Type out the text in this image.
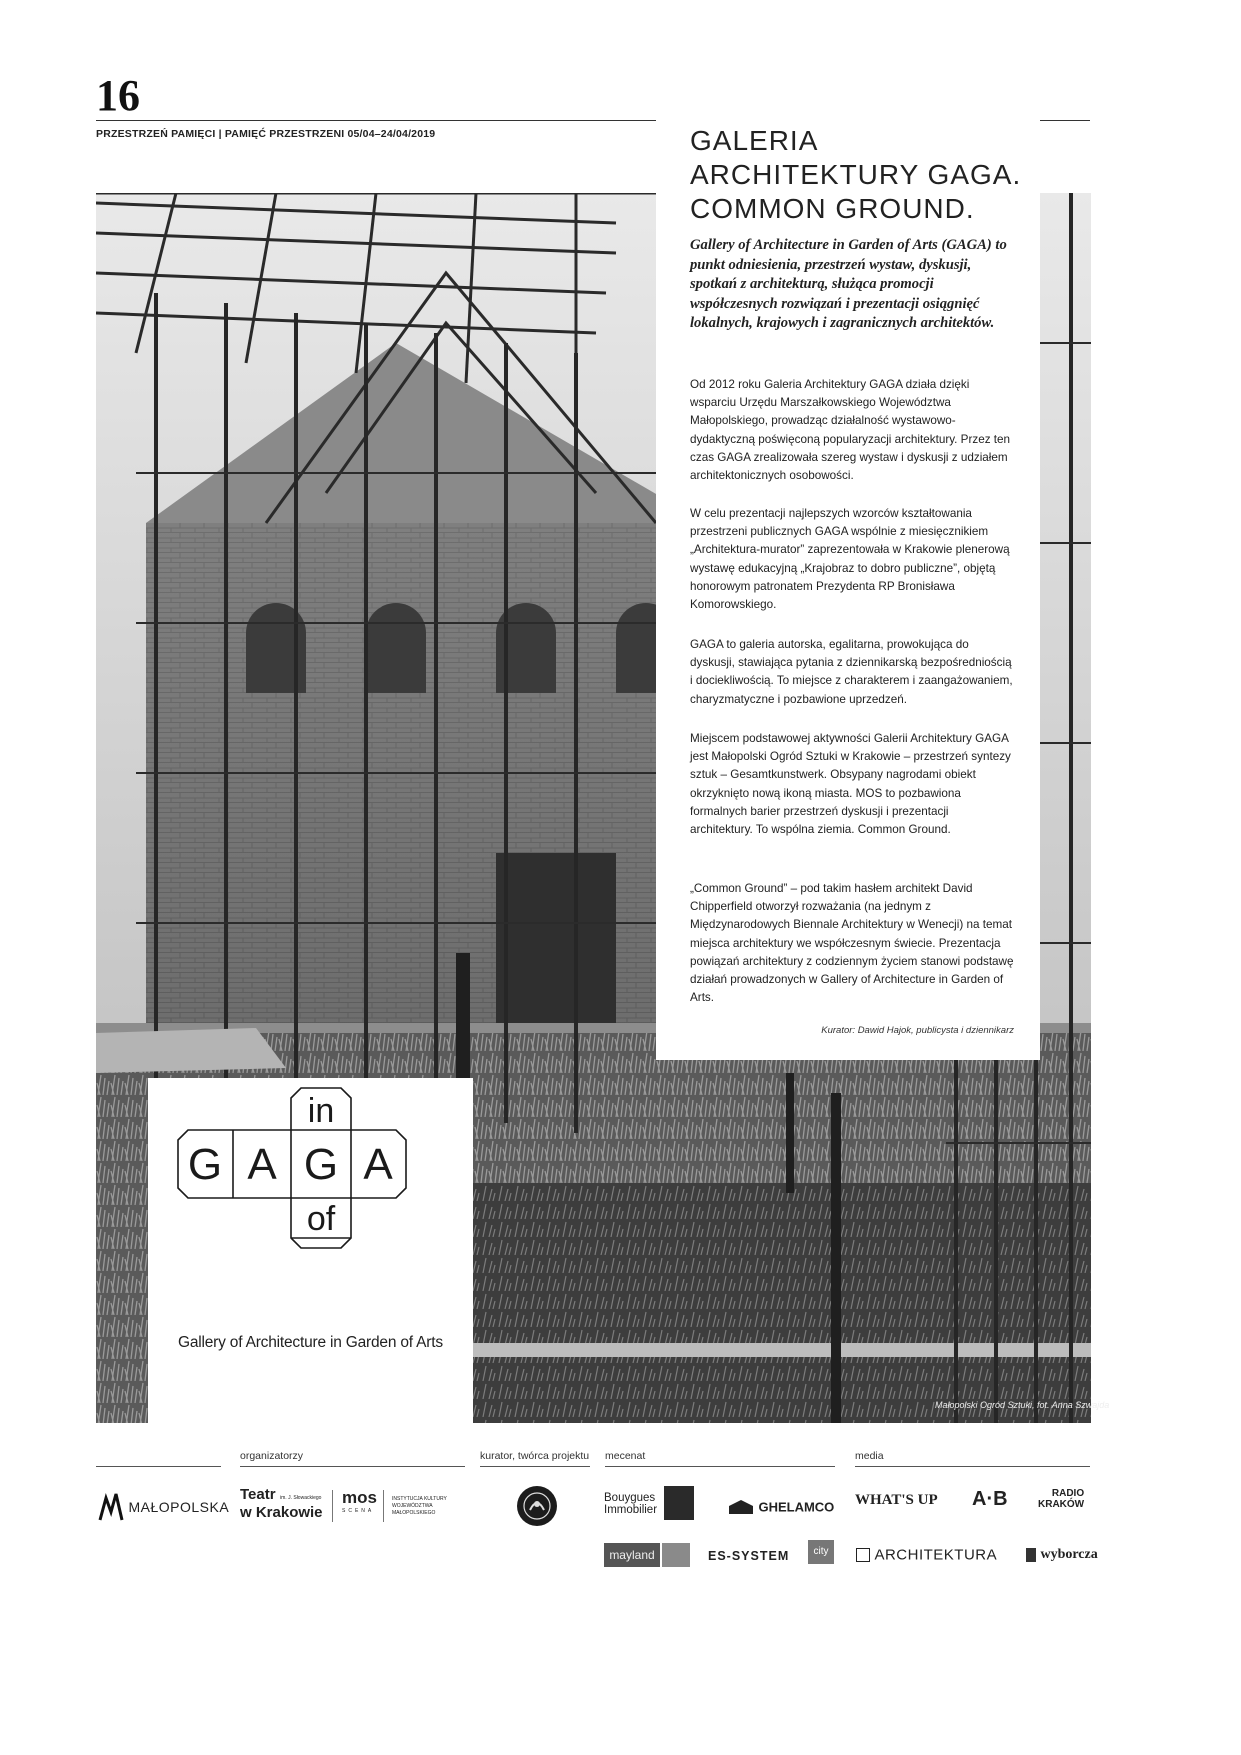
16
PRZESTRZEŃ PAMIĘCI | PAMIĘĆ PRZESTRZENI 05/04–24/04/2019
Małopolski Ogród Sztuki, fot. Anna Szwajda
GALERIA ARCHITEKTURY GAGA. COMMON GROUND.
Gallery of Architecture in Garden of Arts (GAGA) to punkt odniesienia, przestrzeń wystaw, dyskusji, spotkań z architekturą, służąca promocji współczesnych rozwiązań i prezentacji osiągnięć lokalnych, krajowych i zagranicznych architektów.
Od 2012 roku Galeria Architektury GAGA działa dzięki wsparciu Urzędu Marszałkowskiego Województwa Małopolskiego, prowadząc działalność wystawowo-dydaktyczną poświęconą popularyzacji architektury. Przez ten czas GAGA zrealizowała szereg wystaw i dyskusji z udziałem architektonicznych osobowości.
W celu prezentacji najlepszych wzorców kształtowania przestrzeni publicznych GAGA wspólnie z miesięcznikiem „Architektura-murator” zaprezentowała w Krakowie plenerową wystawę edukacyjną „Krajobraz to dobro publiczne”, objętą honorowym patronatem Prezydenta RP Bronisława Komorowskiego.
GAGA to galeria autorska, egalitarna, prowokująca do dyskusji, stawiająca pytania z dziennikarską bezpośredniością i dociekliwością. To miejsce z charakterem i zaangażowaniem, charyzmatyczne i pozbawione uprzedzeń.
Miejscem podstawowej aktywności Galerii Architektury GAGA jest Małopolski Ogród Sztuki w Krakowie – przestrzeń syntezy sztuk – Gesamtkunstwerk. Obsypany nagrodami obiekt okrzyknięto nową ikoną miasta. MOS to pozbawiona formalnych barier przestrzeń dyskusji i prezentacji architektury. To wspólna ziemia. Common Ground.
„Common Ground” – pod takim hasłem architekt David Chipperfield otworzył rozważania (na jednym z Międzynarodowych Biennale Architektury w Wenecji) na temat miejsca architektury we współczesnym świecie. Prezentacja powiązań architektury z codziennym życiem stanowi podstawę działań prowadzonych w Gallery of Architecture in Garden of Arts.
Kurator: Dawid Hajok, publicysta i dziennikarz
in
G A G A
of
Gallery of Architecture in Garden of Arts
organizatorzy	kurator, twórca projektu mecenat	media
MAŁOPOLSKA
Teatr im. J. Słowackiego
w Krakowie
mos
SCENA
INSTYTUCJA KULTURY WOJEWÓDZTWA MAŁOPOLSKIEGO
Bouygues
Immobilier	GHELAMCO
mayland	ES-SYSTEM
WHAT'S UP A·B	RADIO
KRAKÓW
city	ARCHITEKTURA	wyborcza
